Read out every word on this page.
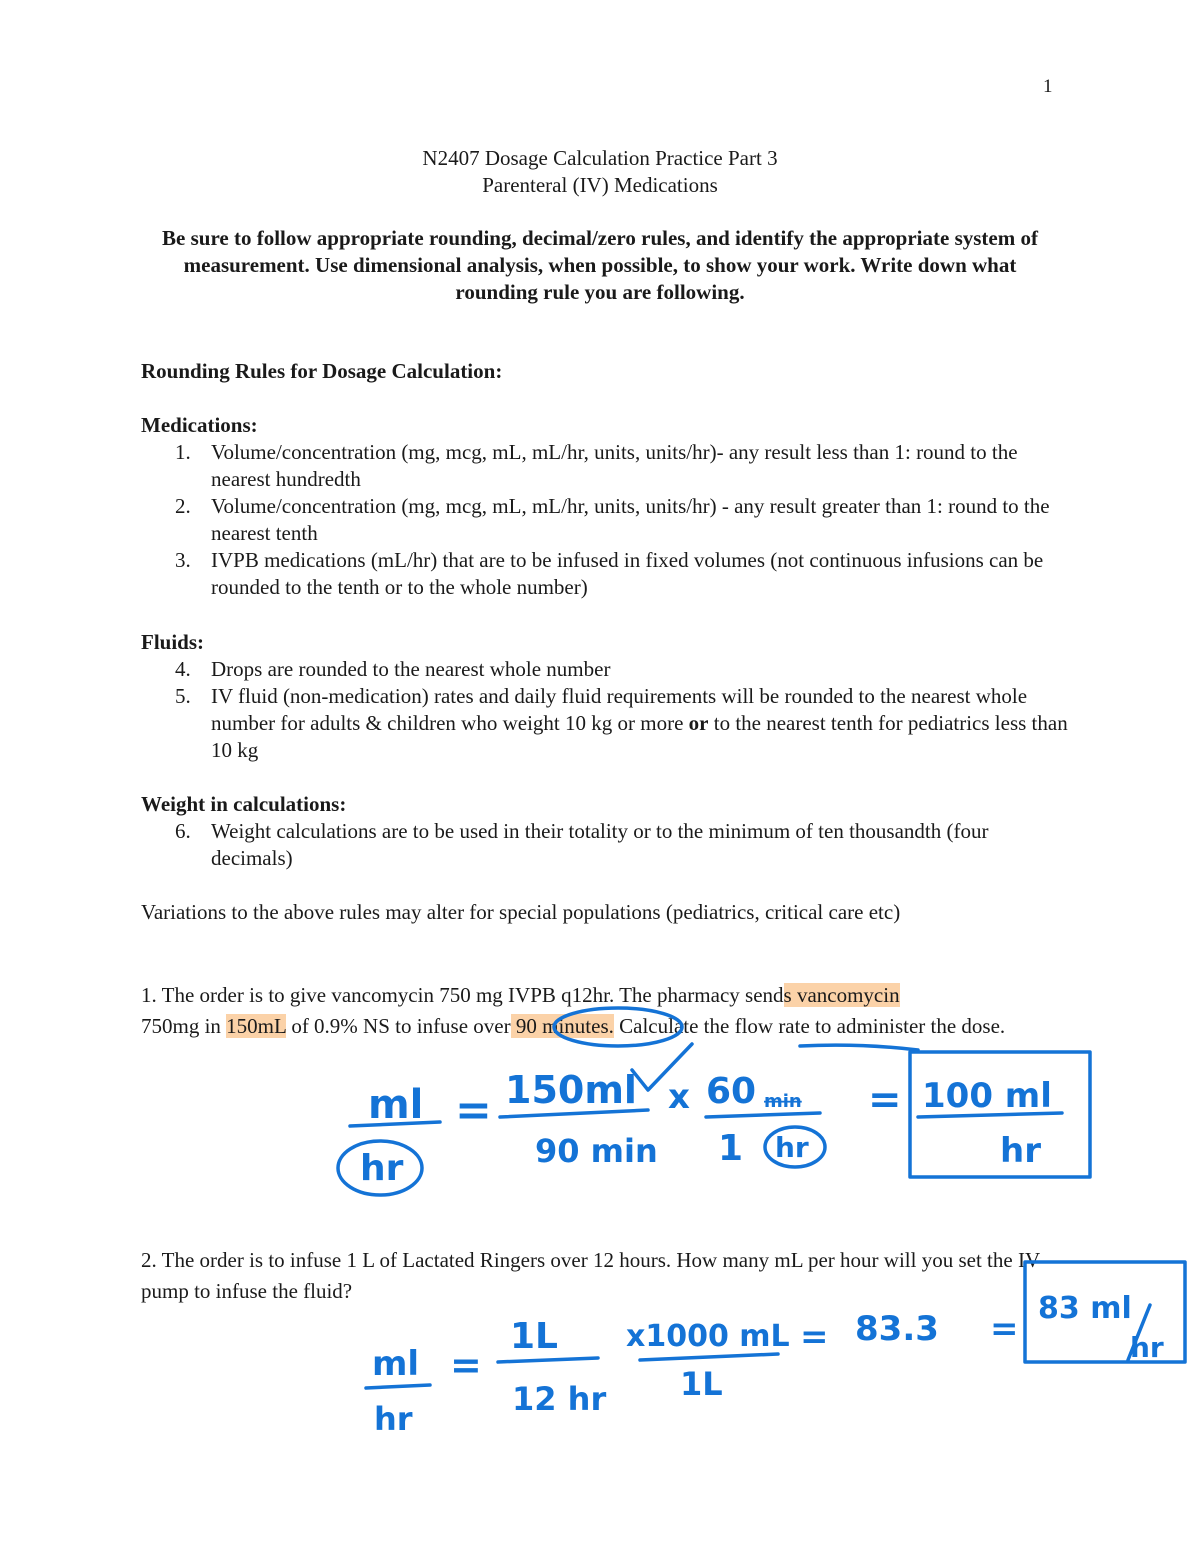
1
N2407 Dosage Calculation Practice Part 3
Parenteral (IV) Medications
Be sure to follow appropriate rounding, decimal/zero rules, and identify the appropriate system of measurement. Use dimensional analysis, when possible, to show your work. Write down what rounding rule you are following.
Rounding Rules for Dosage Calculation:
Medications:
1. Volume/concentration (mg, mcg, mL, mL/hr, units, units/hr)- any result less than 1: round to the nearest hundredth
2. Volume/concentration (mg, mcg, mL, mL/hr, units, units/hr) - any result greater than 1: round to the nearest tenth
3. IVPB medications (mL/hr) that are to be infused in fixed volumes (not continuous infusions can be rounded to the tenth or to the whole number)
Fluids:
4. Drops are rounded to the nearest whole number
5. IV fluid (non-medication) rates and daily fluid requirements will be rounded to the nearest whole number for adults & children who weight 10 kg or more or to the nearest tenth for pediatrics less than 10 kg
Weight in calculations:
6. Weight calculations are to be used in their totality or to the minimum of ten thousandth (four decimals)
Variations to the above rules may alter for special populations (pediatrics, critical care etc)
1. The order is to give vancomycin 750 mg IVPB q12hr. The pharmacy sends vancomycin
750mg in 150mL of 0.9% NS to infuse over 90 minutes. Calculate the flow rate to administer the dose.
2. The order is to infuse 1 L of Lactated Ringers over 12 hours. How many mL per hour will you set the IV pump to infuse the fluid?
ml
hr
= 150ml
90 min
x 60 min
1 hr
= 100 ml
hr
ml
hr
=
1L
12 hr
x1000 mL
1L
= 83.3 =
83 ml
hr
